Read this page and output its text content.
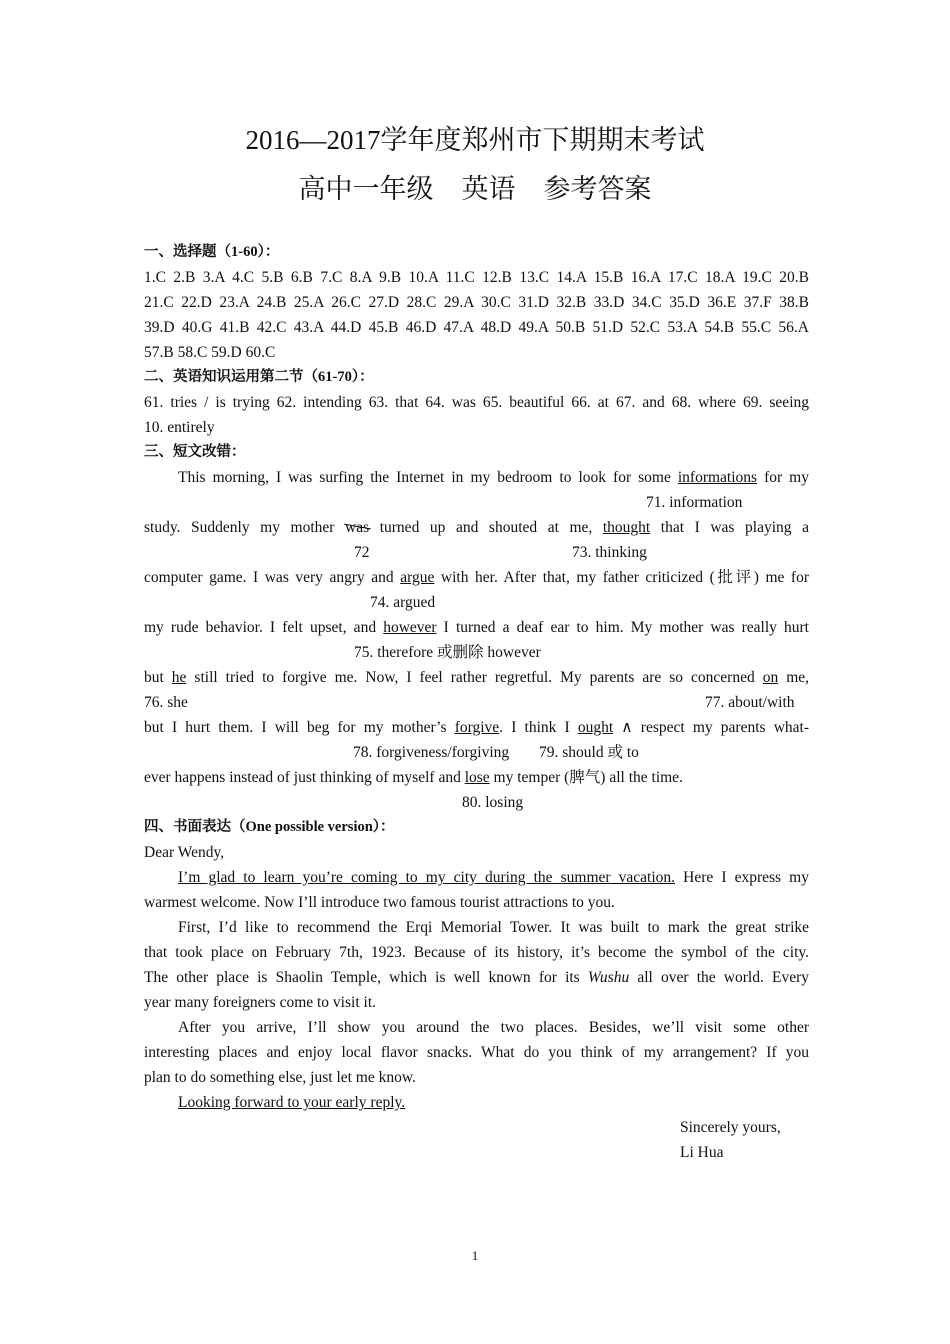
2016—2017学年度郑州市下期期末考试
高中一年级 英语 参考答案
一、选择题（1-60）：
1.C 2.B 3.A 4.C 5.B 6.B 7.C 8.A 9.B 10.A 11.C 12.B 13.C 14.A 15.B 16.A 17.C 18.A 19.C 20.B
21.C 22.D 23.A 24.B 25.A 26.C 27.D 28.C 29.A 30.C 31.D 32.B 33.D 34.C 35.D 36.E 37.F 38.B
39.D 40.G 41.B 42.C 43.A 44.D 45.B 46.D 47.A 48.D 49.A 50.B 51.D 52.C 53.A 54.B 55.C 56.A
57.B 58.C 59.D 60.C
二、英语知识运用第二节（61-70）：
61. tries / is trying 62. intending 63. that 64. was 65. beautiful 66. at 67. and 68. where 69. seeing
10. entirely
三、短文改错：
This morning, I was surfing the Internet in my bedroom to look for some informations for my
71. information
study. Suddenly my mother was turned up and shouted at me, thought that I was playing a
72	73. thinking
computer game. I was very angry and argue with her. After that, my father criticized (批评) me for
74. argued
my rude behavior. I felt upset, and however I turned a deaf ear to him. My mother was really hurt
75. therefore 或删除 however
but he still tried to forgive me. Now, I feel rather regretful. My parents are so concerned on me,
76. she	77. about/with
but I hurt them. I will beg for my mother’s forgive. I think I ought ∧ respect my parents what-
78. forgiveness/forgiving 79. should 或 to
ever happens instead of just thinking of myself and lose my temper (脾气) all the time.
80. losing
四、书面表达（One possible version）：
Dear Wendy,
I’m glad to learn you’re coming to my city during the summer vacation. Here I express my
warmest welcome. Now I’ll introduce two famous tourist attractions to you.
First, I’d like to recommend the Erqi Memorial Tower. It was built to mark the great strike
that took place on February 7th, 1923. Because of its history, it’s become the symbol of the city.
The other place is Shaolin Temple, which is well known for its Wushu all over the world. Every
year many foreigners come to visit it.
After you arrive, I’ll show you around the two places. Besides, we’ll visit some other
interesting places and enjoy local flavor snacks. What do you think of my arrangement? If you
plan to do something else, just let me know.
Looking forward to your early reply.
Sincerely yours,
Li Hua
1
